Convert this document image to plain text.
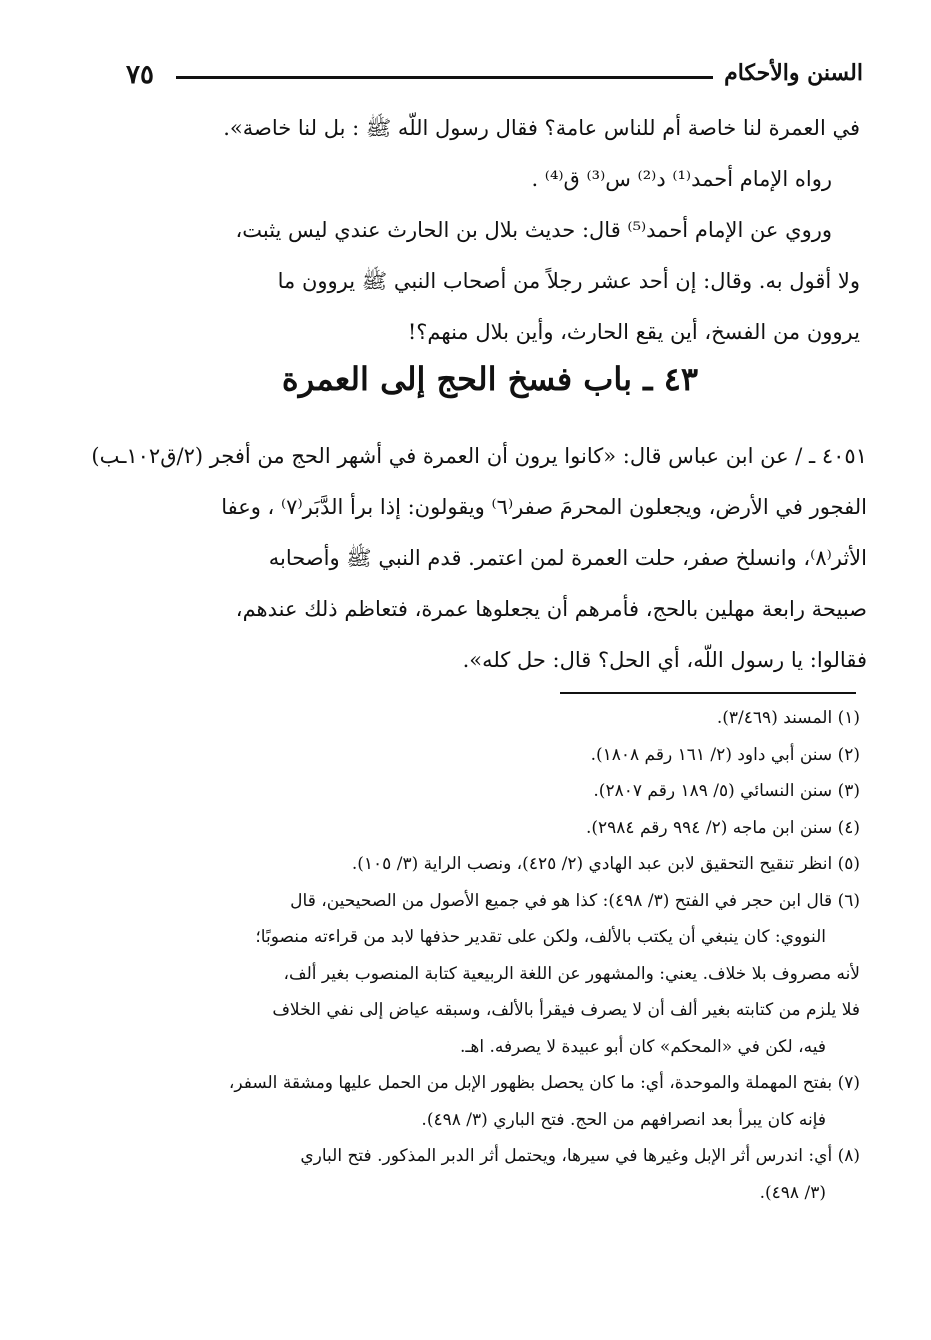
٧٥	السنن والأحكام
في العمرة لنا خاصة أم للناس عامة؟ فقال رسول اللّه ﷺ : بل لنا خاصة».
رواه الإمام أحمد⁽¹⁾ د⁽²⁾ س⁽³⁾ ق⁽⁴⁾ .
وروي عن الإمام أحمد⁽⁵⁾ قال: حديث بلال بن الحارث عندي ليس يثبت،
ولا أقول به. وقال: إن أحد عشر رجلاً من أصحاب النبي ﷺ يروون ما
يروون من الفسخ، أين يقع الحارث، وأين بلال منهم؟!
٤٣ ـ باب فسخ الحج إلى العمرة
٤٠٥١ ـ / عن ابن عباس قال: «كانوا يرون أن العمرة في أشهر الحج من أفجر (٢/ق١٠٢ـب)
الفجور في الأرض، ويجعلون المحرمَ صفر⁽٦⁾ ويقولون: إذا برأ الدَّبَر⁽٧⁾ ، وعفا
الأثر⁽٨⁾، وانسلخ صفر، حلت العمرة لمن اعتمر. قدم النبي ﷺ وأصحابه
صبيحة رابعة مهلين بالحج، فأمرهم أن يجعلوها عمرة، فتعاظم ذلك عندهم،
فقالوا: يا رسول اللّه، أي الحل؟ قال: حل كله».
(١) المسند (٣/٤٦٩).
(٢) سنن أبي داود (٢/ ١٦١ رقم ١٨٠٨).
(٣) سنن النسائي (٥/ ١٨٩ رقم ٢٨٠٧).
(٤) سنن ابن ماجه (٢/ ٩٩٤ رقم ٢٩٨٤).
(٥) انظر تنقيح التحقيق لابن عبد الهادي (٢/ ٤٢٥)، ونصب الراية (٣/ ١٠٥).
(٦) قال ابن حجر في الفتح (٣/ ٤٩٨): كذا هو في جميع الأصول من الصحيحين، قال
النووي: كان ينبغي أن يكتب بالألف، ولكن على تقدير حذفها لابد من قراءته منصوبًا؛
لأنه مصروف بلا خلاف. يعني: والمشهور عن اللغة الربيعية كتابة المنصوب بغير ألف،
فلا يلزم من كتابته بغير ألف أن لا يصرف فيقرأ بالألف، وسبقه عياض إلى نفي الخلاف
فيه، لكن في «المحكم» كان أبو عبيدة لا يصرفه. اهـ.
(٧) بفتح المهملة والموحدة، أي: ما كان يحصل بظهور الإبل من الحمل عليها ومشقة السفر،
فإنه كان يبرأ بعد انصرافهم من الحج. فتح الباري (٣/ ٤٩٨).
(٨) أي: اندرس أثر الإبل وغيرها في سيرها، ويحتمل أثر الدبر المذكور. فتح الباري
(٣/ ٤٩٨).
